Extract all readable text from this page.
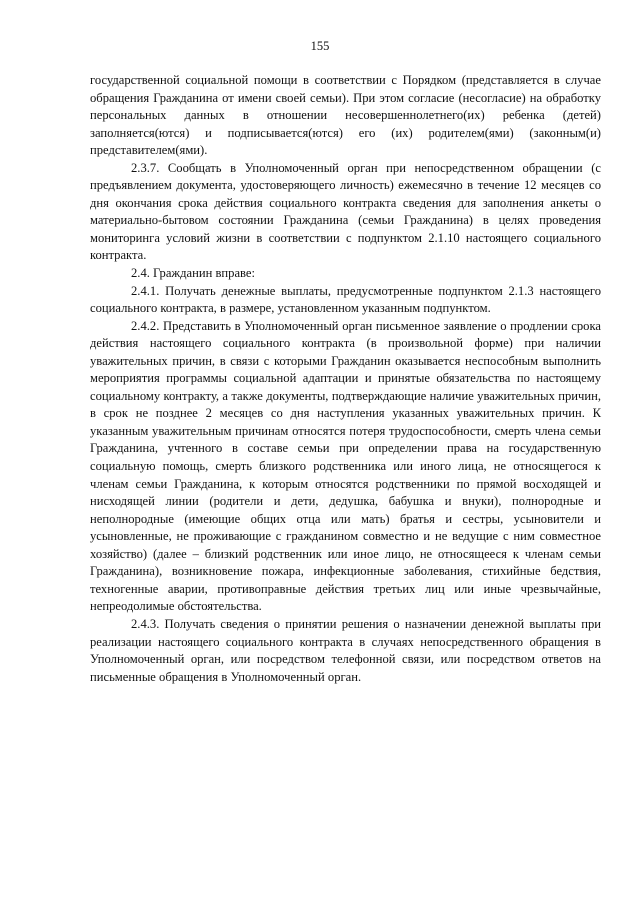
155

государственной социальной помощи в соответствии с Порядком (представляется в случае обращения Гражданина от имени своей семьи). При этом согласие (несогласие) на обработку персональных данных в отношении несовершеннолетнего(их) ребенка (детей) заполняется(ются) и подписывается(ются) его (их) родителем(ями) (законным(и) представителем(ями).

2.3.7. Сообщать в Уполномоченный орган при непосредственном обращении (с предъявлением документа, удостоверяющего личность) ежемесячно в течение 12 месяцев со дня окончания срока действия социального контракта сведения для заполнения анкеты о материально-бытовом состоянии Гражданина (семьи Гражданина) в целях проведения мониторинга условий жизни в соответствии с подпунктом 2.1.10 настоящего социального контракта.

2.4. Гражданин вправе:

2.4.1. Получать денежные выплаты, предусмотренные подпунктом 2.1.3 настоящего социального контракта, в размере, установленном указанным подпунктом.

2.4.2. Представить в Уполномоченный орган письменное заявление о продлении срока действия настоящего социального контракта (в произвольной форме) при наличии уважительных причин, в связи с которыми Гражданин оказывается неспособным выполнить мероприятия программы социальной адаптации и принятые обязательства по настоящему социальному контракту, а также документы, подтверждающие наличие уважительных причин, в срок не позднее 2 месяцев со дня наступления указанных уважительных причин. К указанным уважительным причинам относятся потеря трудоспособности, смерть члена семьи Гражданина, учтенного в составе семьи при определении права на государственную социальную помощь, смерть близкого родственника или иного лица, не относящегося к членам семьи Гражданина, к которым относятся родственники по прямой восходящей и нисходящей линии (родители и дети, дедушка, бабушка и внуки), полнородные и неполнородные (имеющие общих отца или мать) братья и сестры, усыновители и усыновленные, не проживающие с гражданином совместно и не ведущие с ним совместное хозяйство) (далее – близкий родственник или иное лицо, не относящееся к членам семьи Гражданина), возникновение пожара, инфекционные заболевания, стихийные бедствия, техногенные аварии, противоправные действия третьих лиц или иные чрезвычайные, непреодолимые обстоятельства.

2.4.3. Получать сведения о принятии решения о назначении денежной выплаты при реализации настоящего социального контракта в случаях непосредственного обращения в Уполномоченный орган, или посредством телефонной связи, или посредством ответов на письменные обращения в Уполномоченный орган.
